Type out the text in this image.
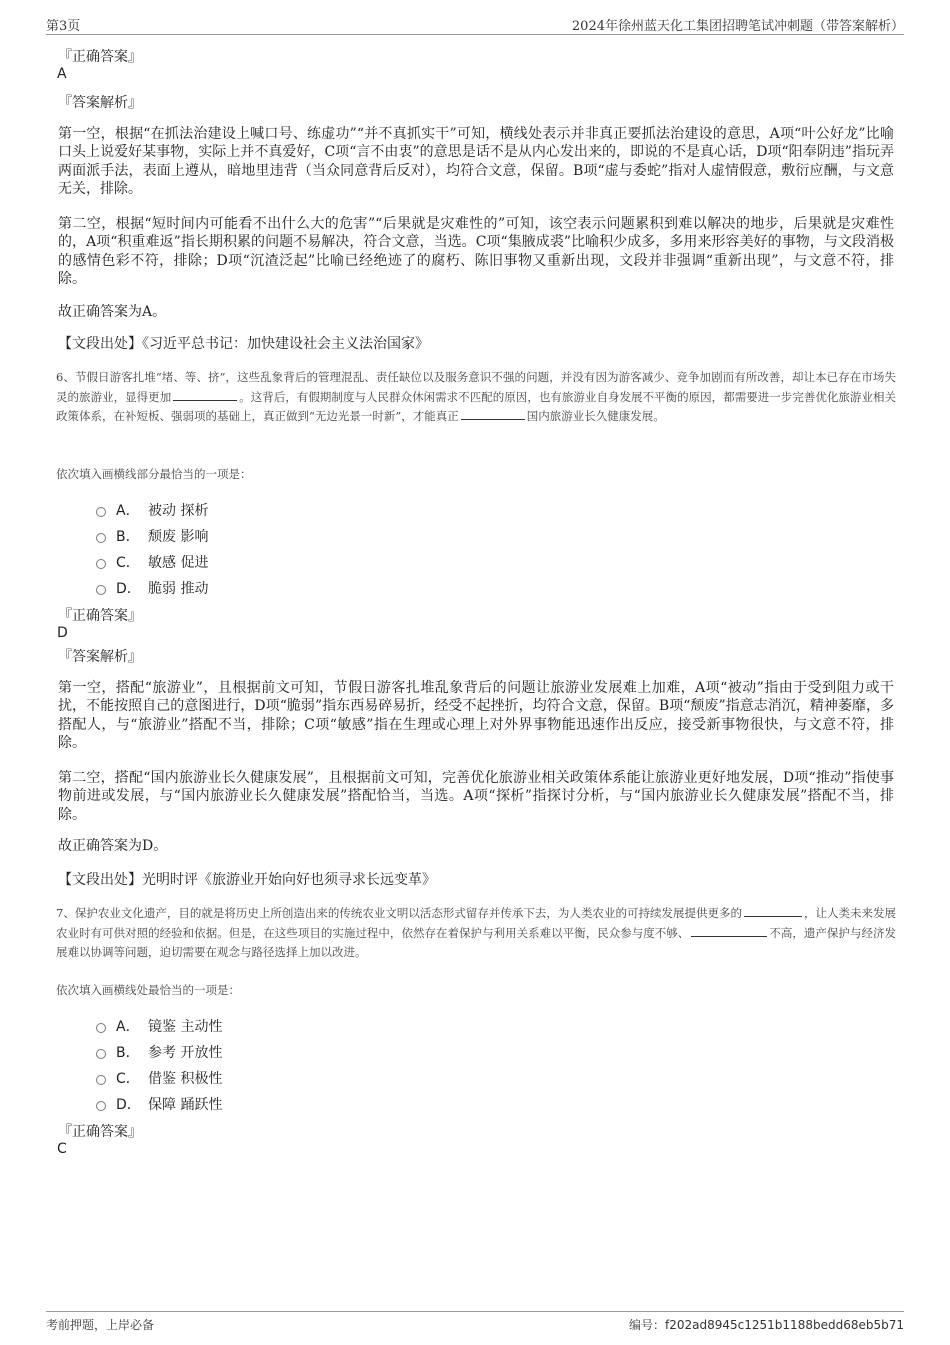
第3页	2024年徐州蓝天化工集团招聘笔试冲刺题（带答案解析）
『正确答案』
A
『答案解析』
第一空，根据“在抓法治建设上喊口号、练虚功”“并不真抓实干”可知，横线处表示并非真正要抓法治建设的意思，A项“叶公好龙”比喻口头上说爱好某事物，实际上并不真爱好，C项“言不由衷”的意思是话不是从内心发出来的，即说的不是真心话，D项“阳奉阴违”指玩弄两面派手法，表面上遵从，暗地里违背（当众同意背后反对），均符合文意，保留。B项“虚与委蛇”指对人虚情假意，敷衍应酬，与文意无关，排除。
第二空，根据“短时间内可能看不出什么大的危害”“后果就是灾难性的”可知，该空表示问题累积到难以解决的地步，后果就是灾难性的，A项“积重难返”指长期积累的问题不易解决，符合文意，当选。C项“集腋成裘”比喻积少成多，多用来形容美好的事物，与文段消极的感情色彩不符，排除；D项“沉渣泛起”比喻已经绝迹了的腐朽、陈旧事物又重新出现，文段并非强调“重新出现”，与文意不符，排除。
故正确答案为A。
【文段出处】《习近平总书记：加快建设社会主义法治国家》
6、节假日游客扎堆“堵、等、挤”，这些乱象背后的管理混乱、责任缺位以及服务意识不强的问题，并没有因为游客减少、竞争加剧而有所改善，却让本已存在市场失灵的旅游业，显得更加	。这背后，有假期制度与人民群众休闲需求不匹配的原因，也有旅游业自身发展不平衡的原因，都需要进一步完善优化旅游业相关政策体系，在补短板、强弱项的基础上，真正做到“无边光景一时新”，才能真正	国内旅游业长久健康发展。
依次填入画横线部分最恰当的一项是：
A． 被动 探析
B． 颓废 影响
C． 敏感 促进
D． 脆弱 推动
『正确答案』
D
『答案解析』
第一空，搭配“旅游业”，且根据前文可知，节假日游客扎堆乱象背后的问题让旅游业发展难上加难，A项“被动”指由于受到阻力或干扰，不能按照自己的意图进行，D项“脆弱”指东西易碎易折，经受不起挫折，均符合文意，保留。B项“颓废”指意志消沉，精神萎靡，多搭配人，与“旅游业”搭配不当，排除；C项“敏感”指在生理或心理上对外界事物能迅速作出反应，接受新事物很快，与文意不符，排除。
第二空，搭配“国内旅游业长久健康发展”，且根据前文可知，完善优化旅游业相关政策体系能让旅游业更好地发展，D项“推动”指使事物前进或发展，与“国内旅游业长久健康发展”搭配恰当，当选。A项“探析”指探讨分析，与“国内旅游业长久健康发展”搭配不当，排除。
故正确答案为D。
【文段出处】光明时评《旅游业开始向好也须寻求长远变革》
7、保护农业文化遗产，目的就是将历史上所创造出来的传统农业文明以活态形式留存并传承下去，为人类农业的可持续发展提供更多的	，让人类未来发展农业时有可供对照的经验和依据。但是，在这些项目的实施过程中，依然存在着保护与利用关系难以平衡，民众参与度不够、	不高，遗产保护与经济发展难以协调等问题，迫切需要在观念与路径选择上加以改进。
依次填入画横线处最恰当的一项是：
A． 镜鉴 主动性
B． 参考 开放性
C． 借鉴 积极性
D． 保障 踊跃性
『正确答案』
C
考前押题，上岸必备	编号：f202ad8945c1251b1188bedd68eb5b71
